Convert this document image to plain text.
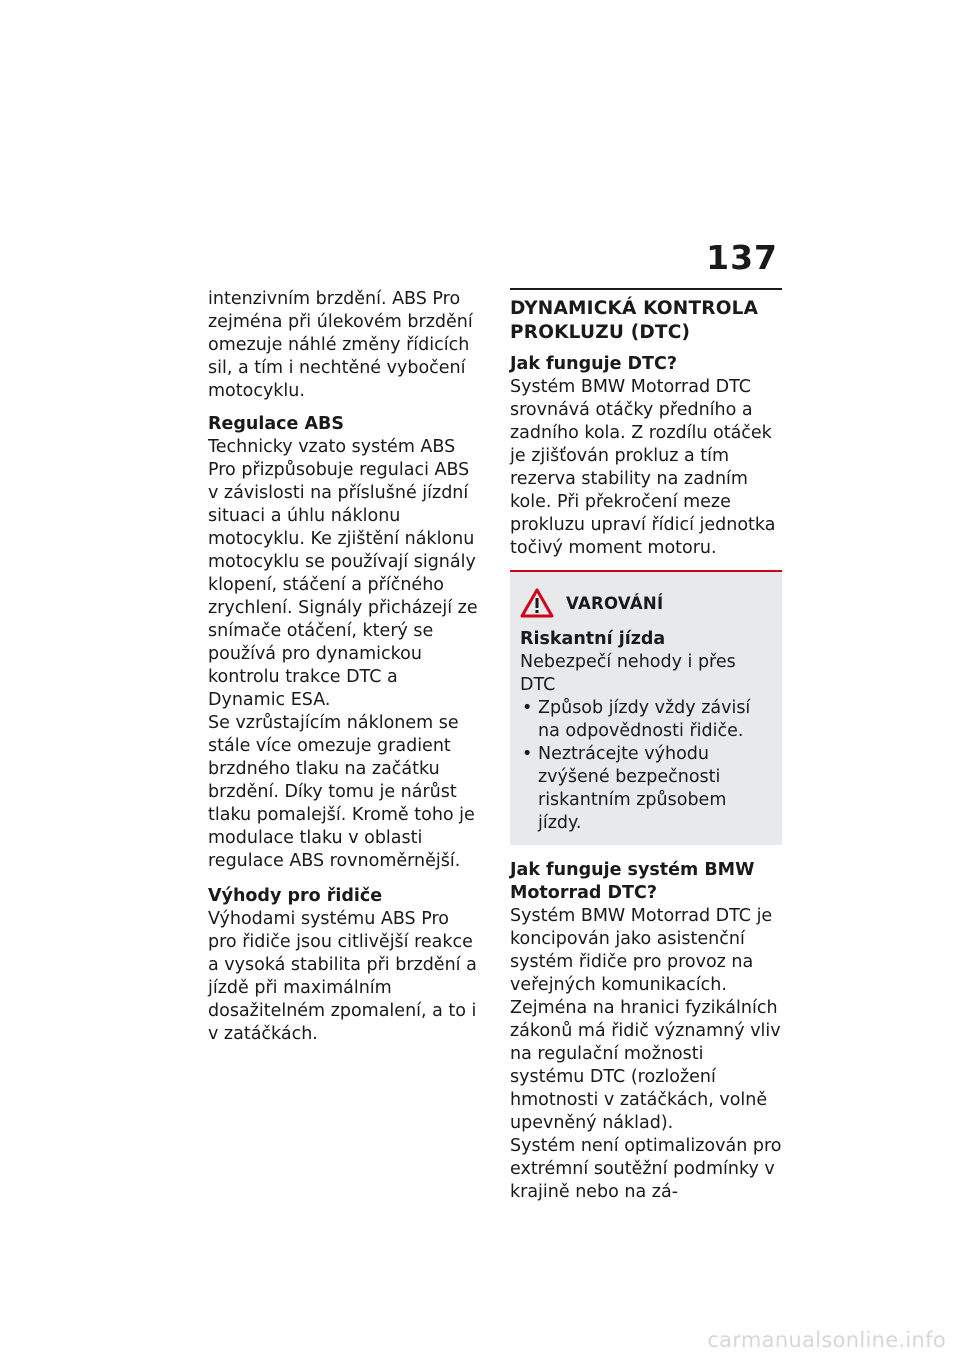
137

intenzivním brzdění. ABS Pro zejména při úlekovém brzdění omezuje náhlé změny řídicích sil, a tím i nechtěné vybočení motocyklu.

Regulace ABS

Technicky vzato systém ABS Pro přizpůsobuje regulaci ABS v závislosti na příslušné jízdní situaci a úhlu náklonu motocyklu. Ke zjištění náklonu motocyklu se používají signály klopení, stáčení a příčného zrychlení. Signály přicházejí ze snímače otáčení, který se používá pro dynamickou kontrolu trakce DTC a Dynamic ESA.

Se vzrůstajícím náklonem se stále více omezuje gradient brzdného tlaku na začátku brzdění. Díky tomu je nárůst tlaku pomalejší. Kromě toho je modulace tlaku v oblasti regulace ABS rovnoměrnější.

Výhody pro řidiče

Výhodami systému ABS Pro pro řidiče jsou citlivější reakce a vysoká stabilita při brzdění a jízdě při maximálním dosažitelném zpomalení, a to i v zatáčkách.

DYNAMICKÁ KONTROLA PROKLUZU (DTC)
Jak funguje DTC?

Systém BMW Motorrad DTC srovnává otáčky předního a zadního kola. Z rozdílu otáček je zjišťován prokluz a tím rezerva stability na zadním kole. Při překročení meze prokluzu upraví řídicí jednotka točivý moment motoru.

VAROVÁNÍ
Riskantní jízda
Nebezpečí nehody i přes DTC
• Způsob jízdy vždy závisí na odpovědnosti řidiče.
• Neztrácejte výhodu zvýšené bezpečnosti riskantním způsobem jízdy.
Jak funguje systém BMW Motorrad DTC?

Systém BMW Motorrad DTC je koncipován jako asistenční systém řidiče pro provoz na veřejných komunikacích. Zejména na hranici fyzikálních zákonů má řidič významný vliv na regulační možnosti systému DTC (rozložení hmotnosti v zatáčkách, volně upevněný náklad).

Systém není optimalizován pro extrémní soutěžní podmínky v krajině nebo na zá-

carmanualsonline.info
